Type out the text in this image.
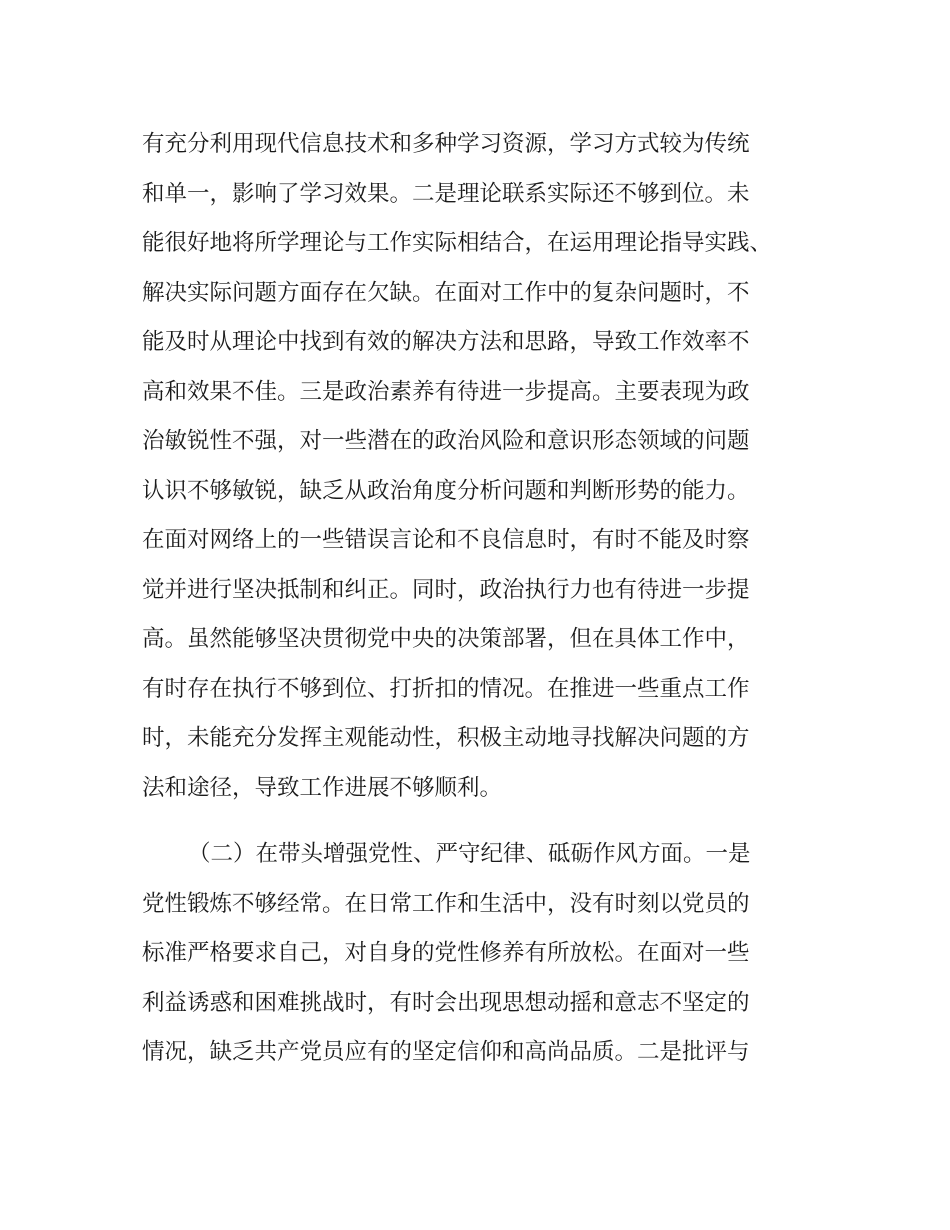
有充分利用现代信息技术和多种学习资源，学习方式较为传统
和单一，影响了学习效果。二是理论联系实际还不够到位。未
能很好地将所学理论与工作实际相结合，在运用理论指导实践、
解决实际问题方面存在欠缺。在面对工作中的复杂问题时，不
能及时从理论中找到有效的解决方法和思路，导致工作效率不
高和效果不佳。三是政治素养有待进一步提高。主要表现为政
治敏锐性不强，对一些潜在的政治风险和意识形态领域的问题
认识不够敏锐，缺乏从政治角度分析问题和判断形势的能力。
在面对网络上的一些错误言论和不良信息时，有时不能及时察
觉并进行坚决抵制和纠正。同时，政治执行力也有待进一步提
高。虽然能够坚决贯彻党中央的决策部署，但在具体工作中，
有时存在执行不够到位、打折扣的情况。在推进一些重点工作
时，未能充分发挥主观能动性，积极主动地寻找解决问题的方
法和途径，导致工作进展不够顺利。
（二）在带头增强党性、严守纪律、砥砺作风方面。一是
党性锻炼不够经常。在日常工作和生活中，没有时刻以党员的
标准严格要求自己，对自身的党性修养有所放松。在面对一些
利益诱惑和困难挑战时，有时会出现思想动摇和意志不坚定的
情况，缺乏共产党员应有的坚定信仰和高尚品质。二是批评与
